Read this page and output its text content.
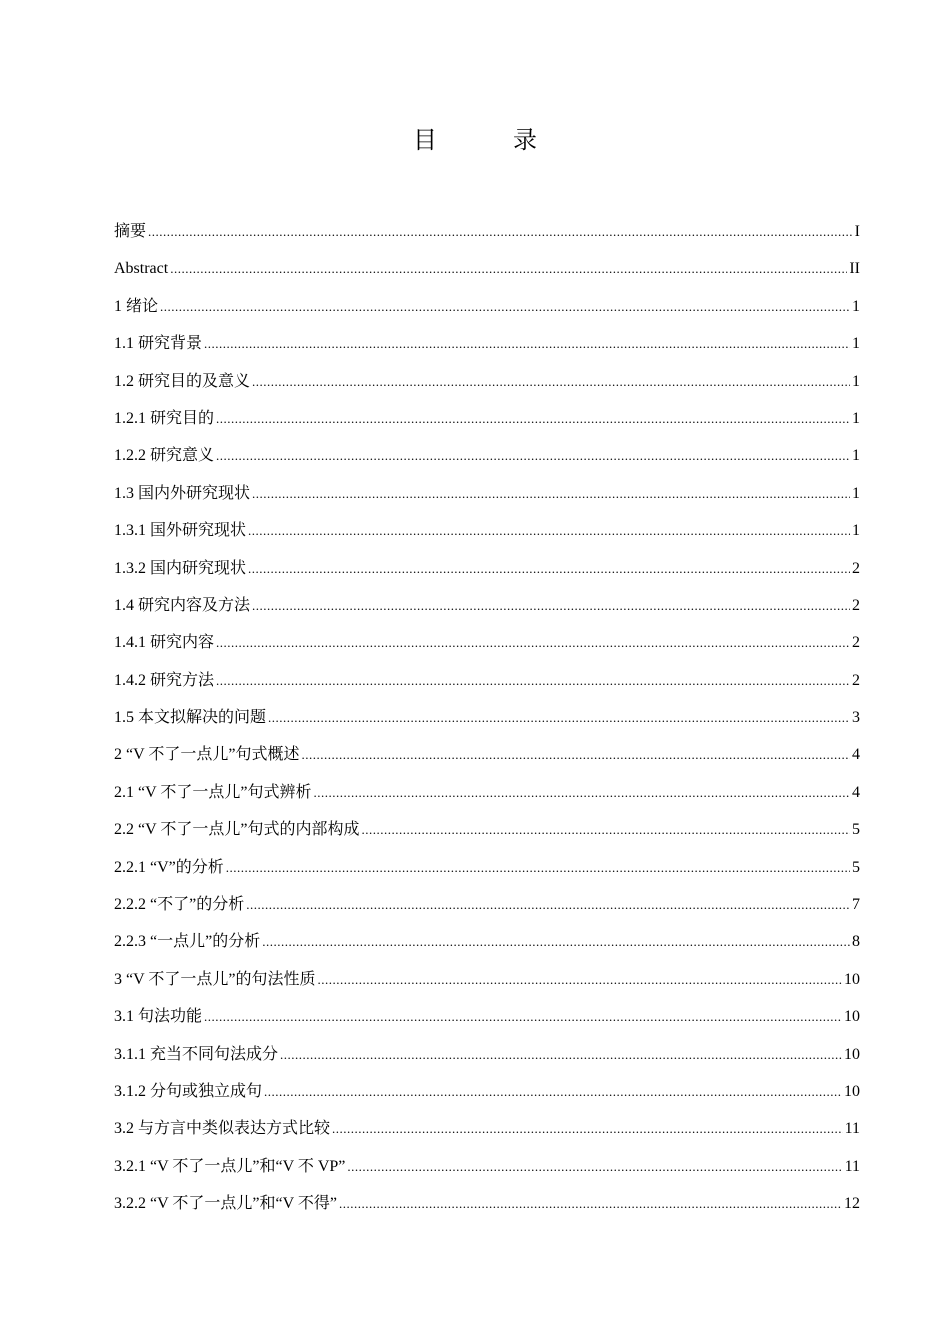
目　录
摘要 .....	I
Abstract .....	II
1 绪论 .....	1
1.1 研究背景 .....	1
1.2 研究目的及意义 .....	1
1.2.1 研究目的 .....	1
1.2.2 研究意义 .....	1
1.3 国内外研究现状 .....	1
1.3.1 国外研究现状 .....	1
1.3.2 国内研究现状 .....	2
1.4 研究内容及方法 .....	2
1.4.1 研究内容 .....	2
1.4.2 研究方法 .....	2
1.5 本文拟解决的问题 .....	3
2 “V 不了一点儿”句式概述 .....	4
2.1 “V 不了一点儿”句式辨析 .....	4
2.2 “V 不了一点儿”句式的内部构成 .....	5
2.2.1 “V”的分析 .....	5
2.2.2 “不了”的分析 .....	7
2.2.3 “一点儿”的分析 .....	8
3 “V 不了一点儿”的句法性质 .....	10
3.1 句法功能 .....	10
3.1.1 充当不同句法成分 .....	10
3.1.2 分句或独立成句 .....	10
3.2 与方言中类似表达方式比较 .....	11
3.2.1 “V 不了一点儿”和“V 不 VP” .....	11
3.2.2 “V 不了一点儿”和“V 不得” .....	12
